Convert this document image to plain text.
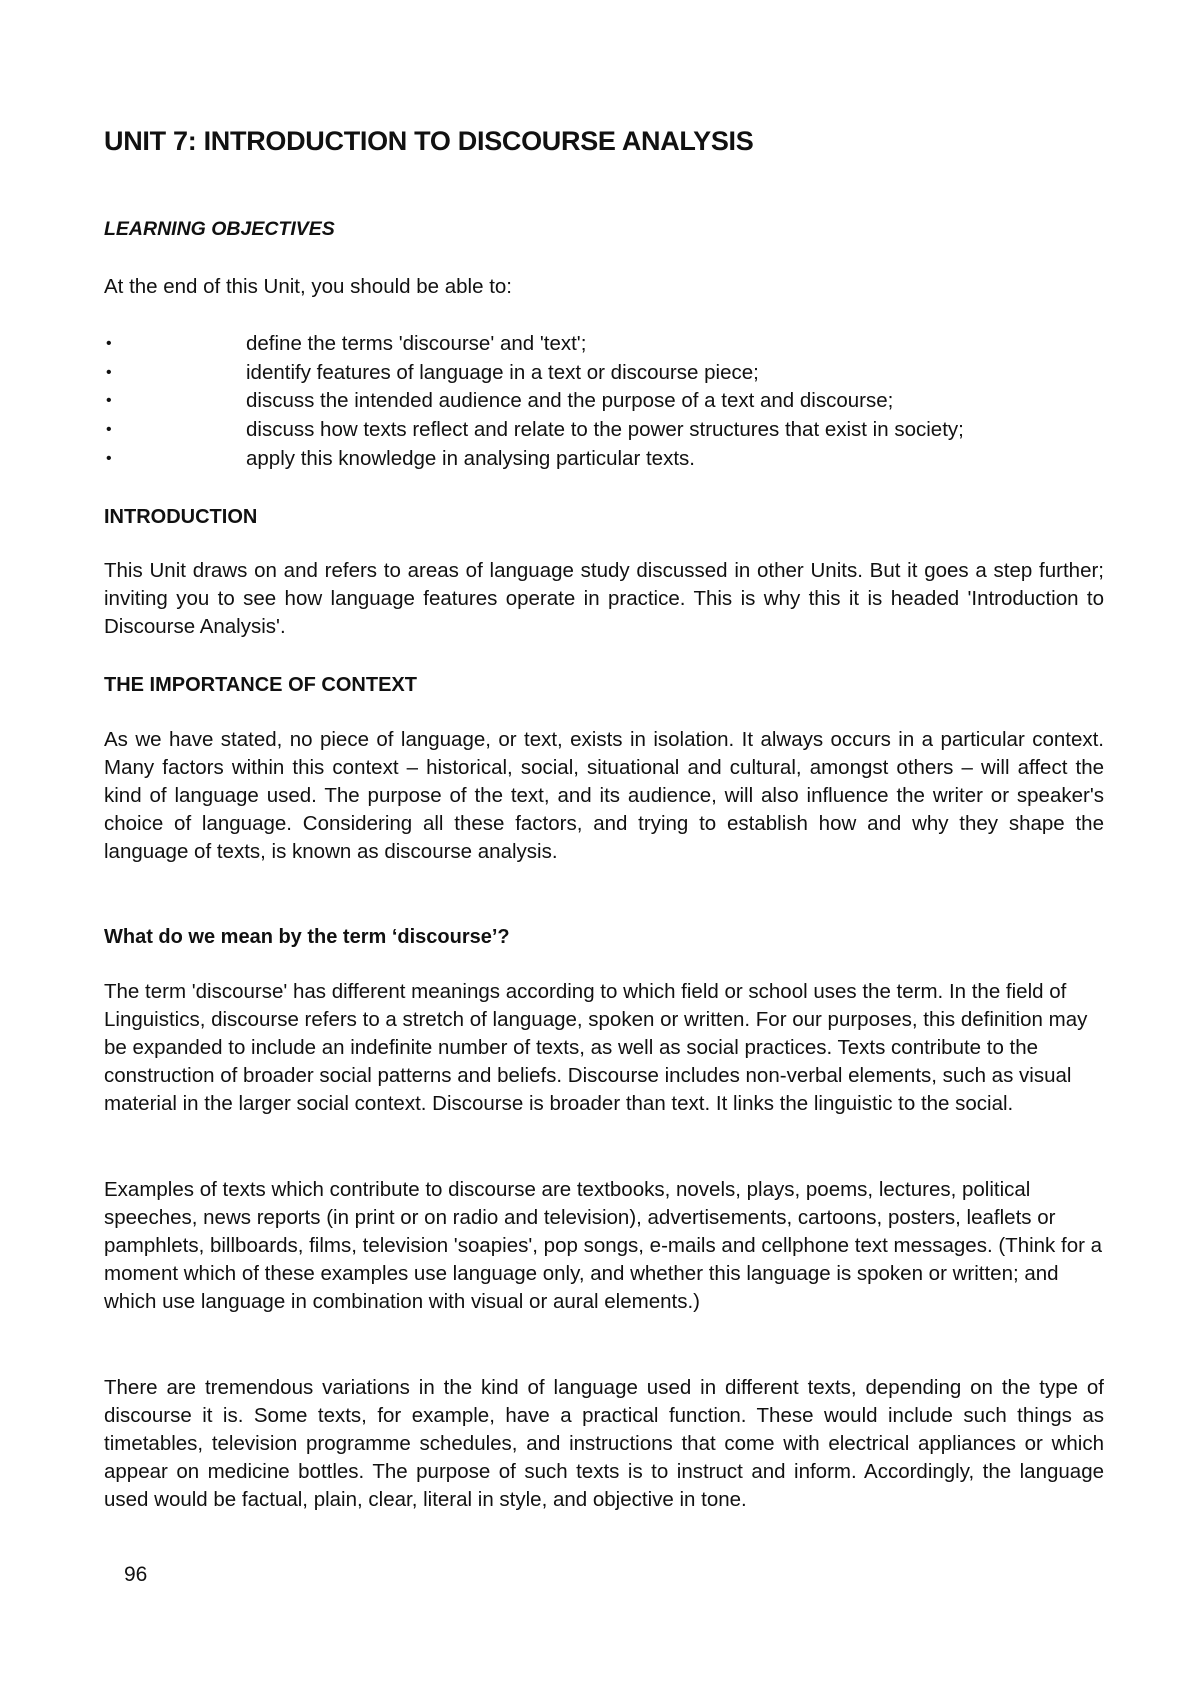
UNIT 7: INTRODUCTION TO DISCOURSE ANALYSIS
LEARNING OBJECTIVES

At the end of this Unit, you should be able to:

•	define the terms 'discourse' and 'text';
•	identify features of language in a text or discourse piece;
•	discuss the intended audience and the purpose of a text and discourse;
•	discuss how texts reflect and relate to the power structures that exist in society;
•	apply this knowledge in analysing particular texts.
INTRODUCTION

This Unit draws on and refers to areas of language study discussed in other Units. But it goes a step further; inviting you to see how language features operate in practice. This is why this it is headed 'Introduction to Discourse Analysis'.

THE IMPORTANCE OF CONTEXT

As we have stated, no piece of language, or text, exists in isolation. It always occurs in a particular context. Many factors within this context – historical, social, situational and cultural, amongst others – will affect the kind of language used. The purpose of the text, and its audience, will also influence the writer or speaker's choice of language. Considering all these factors, and trying to establish how and why they shape the language of texts, is known as discourse analysis.

What do we mean by the term ‘discourse’?

The term 'discourse' has different meanings according to which field or school uses the term. In the field of Linguistics, discourse refers to a stretch of language, spoken or written. For our purposes, this definition may be expanded to include an indefinite number of texts, as well as social practices. Texts contribute to the construction of broader social patterns and beliefs. Discourse includes non-verbal elements, such as visual material in the larger social context. Discourse is broader than text. It links the linguistic to the social.

Examples of texts which contribute to discourse are textbooks, novels, plays, poems, lectures, political speeches, news reports (in print or on radio and television), advertisements, cartoons, posters, leaflets or pamphlets, billboards, films, television 'soapies', pop songs, e-mails and cellphone text messages. (Think for a moment which of these examples use language only, and whether this language is spoken or written; and which use language in combination with visual or aural elements.)

There are tremendous variations in the kind of language used in different texts, depending on the type of discourse it is. Some texts, for example, have a practical function. These would include such things as timetables, television programme schedules, and instructions that come with electrical appliances or which appear on medicine bottles. The purpose of such texts is to instruct and inform. Accordingly, the language used would be factual, plain, clear, literal in style, and objective in tone.

96
